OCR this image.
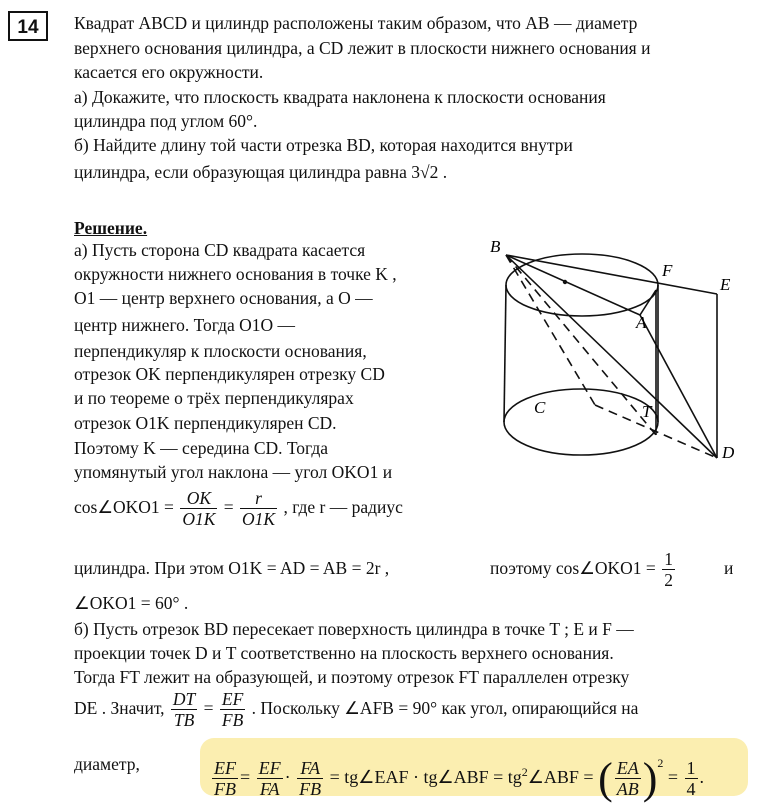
14	Квадрат ABCD и цилиндр расположены таким образом, что AB — диаметр
верхнего основания цилиндра, а CD лежит в плоскости нижнего основания и
касается его окружности.
а) Докажите, что плоскость квадрата наклонена к плоскости основания
цилиндра под углом 60°.
б) Найдите длину той части отрезка BD, которая находится внутри
цилиндра, если образующая цилиндра равна 3√2 .
Решение.
а) Пусть сторона CD квадрата касается
окружности нижнего основания в точке K ,
O1 — центр верхнего основания, а O —
центр нижнего. Тогда O1O —
перпендикуляр к плоскости основания,
отрезок OK перпендикулярен отрезку CD
и по теореме о трёх перпендикулярах
отрезок O1K перпендикулярен CD.
Поэтому K — середина CD. Тогда
упомянутый угол наклона — угол OKO1 и
cos∠OKO1 = $\frac{OK}{O1K} = \frac{r}{O1K}$ , где r — радиус
цилиндра. При этом O1K = AD = AB = 2r ,	поэтому cos∠OKO1 = $\frac{1}{2}$	и
∠OKO1 = 60° .
б) Пусть отрезок BD пересекает поверхность цилиндра в точке T ; E и F —
проекции точек D и T соответственно на плоскость верхнего основания.
Тогда FT лежит на образующей, и поэтому отрезок FT параллелен отрезку
DE . Значит, $\frac{DT}{TB} = \frac{EF}{FB}$ . Поскольку ∠AFB = 90° как угол, опирающийся на
диаметр,	$\frac{EF}{FB} = \frac{EF}{FA} \cdot \frac{FA}{FB}$ = tg∠EAF · tg∠ABF = $tg^2\angle ABF$ = ( $\frac{EA}{AB} )^2 = \frac{1}{4}$ .
B
F
E
A
C	T
D
